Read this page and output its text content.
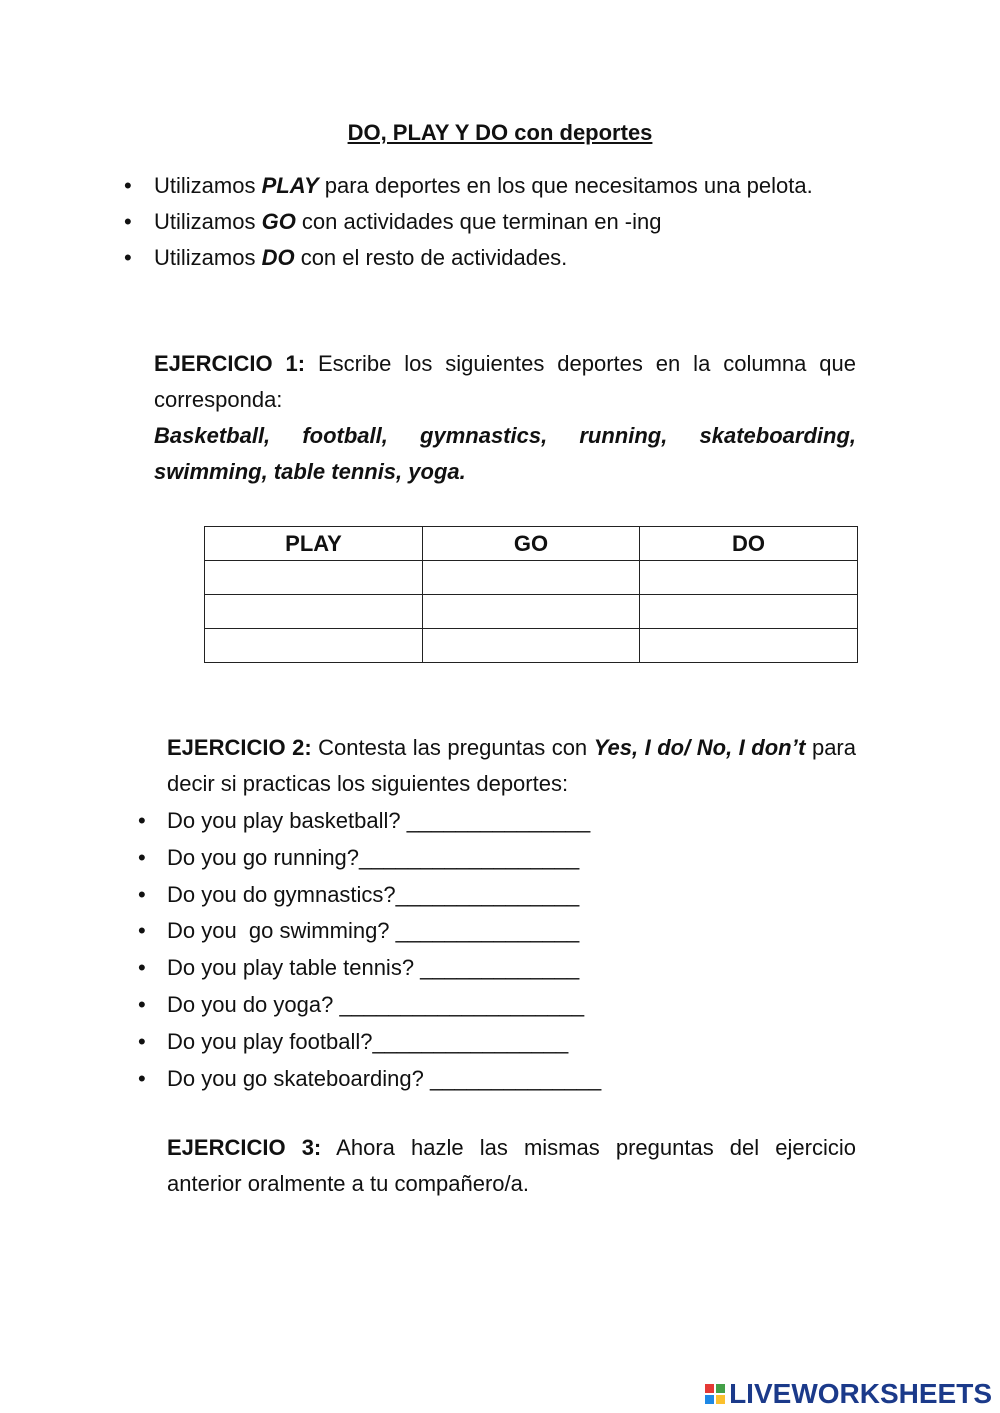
DO, PLAY Y DO con deportes
• Utilizamos PLAY para deportes en los que necesitamos una pelota.
• Utilizamos GO con actividades que terminan en -ing
• Utilizamos DO con el resto de actividades.
EJERCICIO 1: Escribe los siguientes deportes en la columna que corresponda:
Basketball, football, gymnastics, running, skateboarding, swimming, table tennis, yoga.
PLAY	GO	DO

EJERCICIO 2: Contesta las preguntas con Yes, I do/ No, I don’t para decir si practicas los siguientes deportes:
• Do you play basketball? _______________
• Do you go running?__________________
• Do you do gymnastics?_______________
• Do you  go swimming? _______________
• Do you play table tennis? _____________
• Do you do yoga? ____________________
• Do you play football?________________
• Do you go skateboarding? ______________
EJERCICIO 3: Ahora hazle las mismas preguntas del ejercicio anterior oralmente a tu compañero/a.
LIVEWORKSHEETS
